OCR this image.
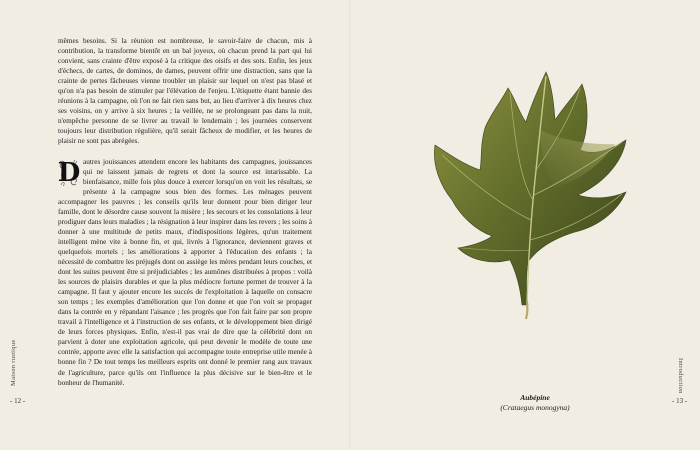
mêmes besoins. Si la réunion est nombreuse, le savoir-faire de chacun, mis à contribution, la transforme bientôt en un bal joyeux, où chacun prend la part qui lui convient, sans crainte d'être exposé à la critique des oisifs et des sots. Enfin, les jeux d'échecs, de cartes, de dominos, de dames, peuvent offrir une distraction, sans que la crainte de pertes fâcheuses vienne troubler un plaisir sur lequel on n'est pas blasé et qu'on n'a pas besoin de stimuler par l'élévation de l'enjeu. L'étiquette étant bannie des réunions à la campagne, où l'on ne fait rien sans but, au lieu d'arriver à dix heures chez ses voisins, on y arrive à six heures ; la veillée, ne se prolongeant pas dans la nuit, n'empêche personne de se livrer au travail le lendemain ; les journées conservent toujours leur distribution régulière, qu'il serait fâcheux de modifier, et les heures de plaisir ne sont pas abrégées.

D autres jouissances attendent encore les habitants des campagnes, jouissances qui ne laissent jamais de regrets et dont la source est intarissable. La bienfaisance, mille fois plus douce à exercer lorsqu'on en voit les résultats, se présente à la campagne sous bien des formes. Les ménages peuvent accompagner les pauvres ; les conseils qu'ils leur donnent pour bien diriger leur famille, dont le désordre cause souvent la misère ; les secours et les consolations à leur prodiguer dans leurs maladies ; la résignation à leur inspirer dans les revers ; les soins à donner à une multitude de petits maux, d'indispositions légères, qu'un traitement intelligent mène vite à bonne fin, et qui, livrés à l'ignorance, deviennent graves et quelquefois mortels ; les améliorations à apporter à l'éducation des enfants ; la nécessité de combattre les préjugés dont on assiège les mères pendant leurs couches, et dont les suites peuvent être si préjudiciables ; les aumônes distribuées à propos : voilà les sources de plaisirs durables et que la plus médiocre fortune permet de trouver à la campagne. Il faut y ajouter encore les succès de l'exploitation à laquelle on consacre son temps ; les exemples d'amélioration que l'on donne et que l'on voit se propager dans la contrée en y répandant l'aisance ; les progrès que l'on fait faire par son propre travail à l'intelligence et à l'instruction de ses enfants, et le développement bien dirigé de leurs forces physiques. Enfin, n'est-il pas vrai de dire que la célébrité dont on parvient à doter une exploitation agricole, qui peut devenir le modèle de toute une contrée, apporte avec elle la satisfaction qui accompagne toute entreprise utile menée à bonne fin ? De tout temps les meilleurs esprits ont donné le premier rang aux travaux de l'agriculture, parce qu'ils ont l'influence la plus décisive sur le bien-être et le bonheur de l'humanité.

Maison rustique
- 12 -	Aubépine
(Crataegus monogyna)
Introduction
- 13 -
